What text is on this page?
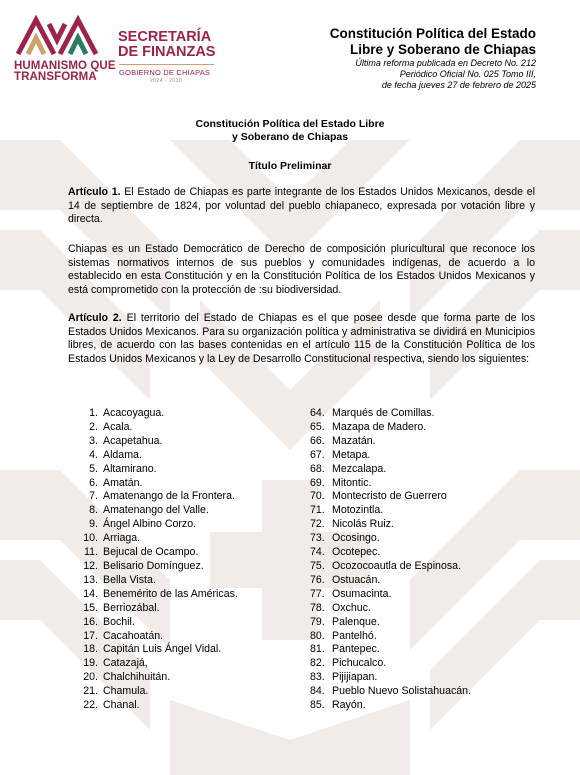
HUMANISMO QUE
TRANSFORMA
SECRETARÍA
DE FINANZAS
GOBIERNO DE CHIAPAS
2024 - 2030
Constitución Política del Estado
Libre y Soberano de Chiapas
Última reforma publicada en Decreto No. 212
Periódico Oficial No. 025 Tomo III,
de fecha jueves 27 de febrero de 2025
Constitución Política del Estado Libre
y Soberano de Chiapas
Título Preliminar
Artículo 1. El Estado de Chiapas es parte integrante de los Estados Unidos Mexicanos, desde el 14 de septiembre de 1824, por voluntad del pueblo chiapaneco, expresada por votación libre y directa.
Chiapas es un Estado Democrático de Derecho de composición pluricultural que reconoce los sistemas normativos internos de sus pueblos y comunidades indígenas, de acuerdo a lo establecido en esta Constitución y en la Constitución Política de los Estados Unidos Mexicanos y está comprometido con la protección de :su biodiversidad.
Artículo 2. El territorio del Estado de Chiapas es el que posee desde que forma parte de los Estados Unidos Mexicanos. Para su organización política y administrativa se dividirá en Municipios libres, de acuerdo con las bases contenidas en el artículo 115 de la Constitución Política de los Estados Unidos Mexicanos y la Ley de Desarrollo Constitucional respectiva, siendo los siguientes:
1. Acacoyagua.
2. Acala.
3. Acapetahua.
4. Aldama.
5. Altamirano.
6. Amatán.
7. Amatenango de la Frontera.
8. Amatenango del Valle.
9. Ángel Albino Corzo.
10. Arriaga.
11. Bejucal de Ocampo.
12. Belisario Domínguez.
13. Bella Vista.
14. Benemérito de las Américas.
15. Berriozábal.
16. Bochil.
17. Cacahoatán.
18. Capitán Luis Ángel Vidal.
19. Catazajá,
20. Chalchihuitán.
21. Chamula.
22. Chanal.
64. Marqués de Comillas.
65. Mazapa de Madero.
66. Mazatán.
67. Metapa.
68. Mezcalapa.
69. Mitontic.
70. Montecristo de Guerrero
71. Motozintla.
72. Nicolás Ruiz.
73. Ocosingo.
74. Ocotepec.
75. Ocozocoautla de Espinosa.
76. Ostuacán.
77. Osumacinta.
78. Oxchuc.
79. Palenque.
80. Pantelhó.
81. Pantepec.
82. Pichucalco.
83. Pijijiapan.
84. Pueblo Nuevo Solistahuacán.
85. Rayón.
